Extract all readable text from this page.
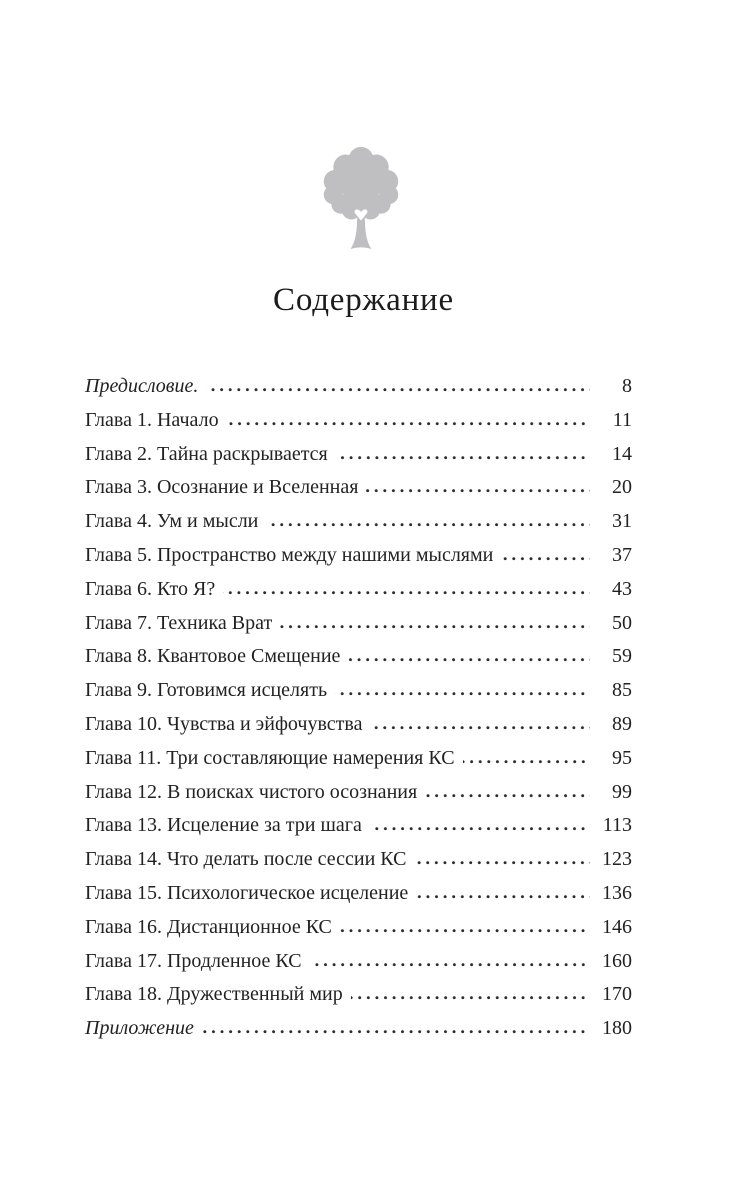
Содержание
Предисловие.	8
Глава 1. Начало	11
Глава 2. Тайна раскрывается	14
Глава 3. Осознание и Вселенная	20
Глава 4. Ум и мысли	31
Глава 5. Пространство между нашими мыслями	37
Глава 6. Кто Я?	43
Глава 7. Техника Врат	50
Глава 8. Квантовое Смещение	59
Глава 9. Готовимся исцелять	85
Глава 10. Чувства и эйфочувства	89
Глава 11. Три составляющие намерения КС	95
Глава 12. В поисках чистого осознания	99
Глава 13. Исцеление за три шага	113
Глава 14. Что делать после сессии КС	123
Глава 15. Психологическое исцеление	136
Глава 16. Дистанционное КС	146
Глава 17. Продленное КС	160
Глава 18. Дружественный мир	170
Приложение	180
